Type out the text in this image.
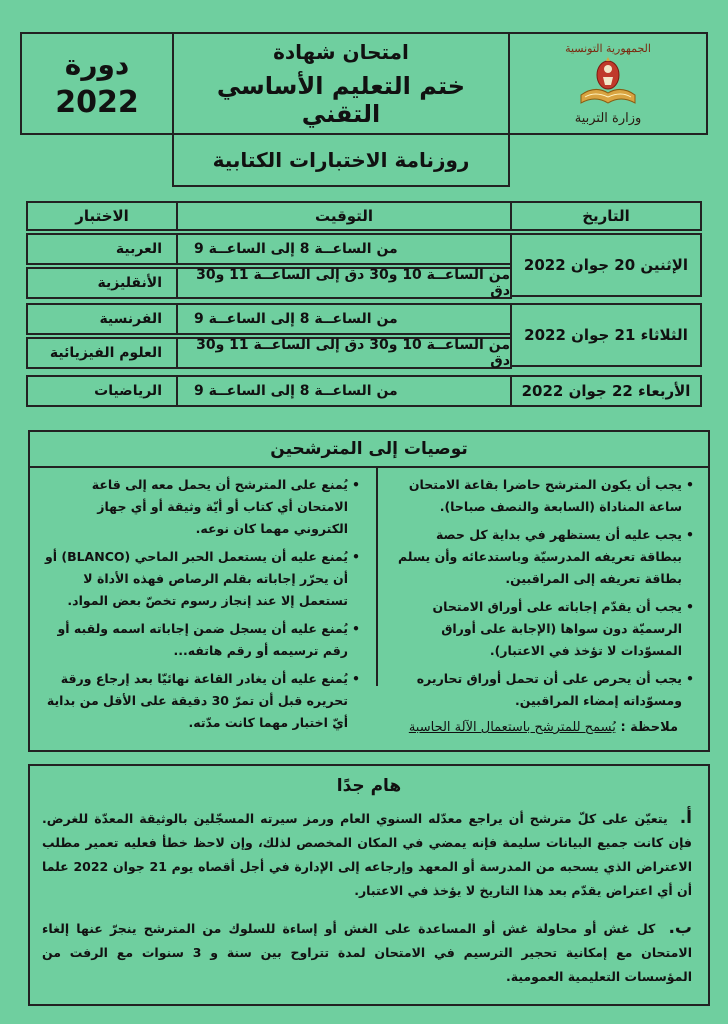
الجمهورية التونسية
وزارة التربية
امتحان شهادة
ختم التعليم الأساسي التقني
دورة
2022
روزنامة الاختبارات الكتابية
التاريخ
التوقيت
الاختبار
الإثنين 20 جوان 2022
الثلاثاء 21 جوان 2022
الأربعاء 22 جوان 2022
من الساعــة 8 إلى الساعــة 9
العربية
من الساعــة 10 و30 دق إلى الساعــة 11 و30 دق
الأنقليزية
من الساعــة 8 إلى الساعــة 9
الفرنسية
من الساعــة 10 و30 دق إلى الساعــة 11 و30 دق
العلوم الفيزيائية
من الساعــة 8 إلى الساعــة 9
الرياضيات
توصيات إلى المترشحين
• يجب أن يكون المترشح حاضرا بقاعة الامتحان ساعة المناداة (السابعة والنصف صباحا).
• يجب عليه أن يستظهر في بداية كل حصة ببطاقة تعريفه المدرسيّة وباستدعائه وأن يسلم بطاقة تعريفه إلى المراقبين.
• يجب أن يقدّم إجاباته على أوراق الامتحان الرسميّة دون سواها (الإجابة على أوراق المسوّدات لا تؤخذ في الاعتبار).
• يجب أن يحرص على أن تحمل أوراق تحاريره ومسوّداته إمضاء المراقبين.
• يُمنع على المترشح أن يحمل معه إلى قاعة الامتحان أي كتاب أو أيّة وثيقة أو أي جهاز الكتروني مهما كان نوعه.
• يُمنع عليه أن يستعمل الحبر الماحي (BLANCO) أو أن يحرّر إجاباته بقلم الرصاص فهذه الأداة لا تستعمل إلا عند إنجاز رسوم تخصّ بعض المواد.
• يُمنع عليه أن يسجل ضمن إجاباته اسمه ولقبه أو رقم ترسيمه أو رقم هاتفه...
• يُمنع عليه أن يغادر القاعة نهائيّا بعد إرجاع ورقة تحريره قبل أن تمرّ 30 دقيقة على الأقل من بداية أيّ اختبار مهما كانت مدّته.	ملاحظة : يُسمح للمترشح باستعمال الآلة الحاسبة
هام جدًا
أ. يتعيّن على كلّ مترشح أن يراجع معدّله السنوي العام ورمز سيرته المسجّلين بالوثيقة المعدّة للغرض. فإن كانت جميع البيانات سليمة فإنه يمضي في المكان المخصص لذلك، وإن لاحظ خطأ فعليه تعمير مطلب الاعتراض الذي يسحبه من المدرسة أو المعهد وإرجاعه إلى الإدارة في أجل أقصاه يوم 21 جوان 2022 علما أن أي اعتراض يقدّم بعد هذا التاريخ لا يؤخذ في الاعتبار.
ب. كل غش أو محاولة غش أو المساعدة على الغش أو إساءة للسلوك من المترشح ينجرّ عنها إلغاء الامتحان مع إمكانية تحجير الترسيم في الامتحان لمدة تتراوح بين سنة و 3 سنوات مع الرفت من المؤسسات التعليمية العمومية.
